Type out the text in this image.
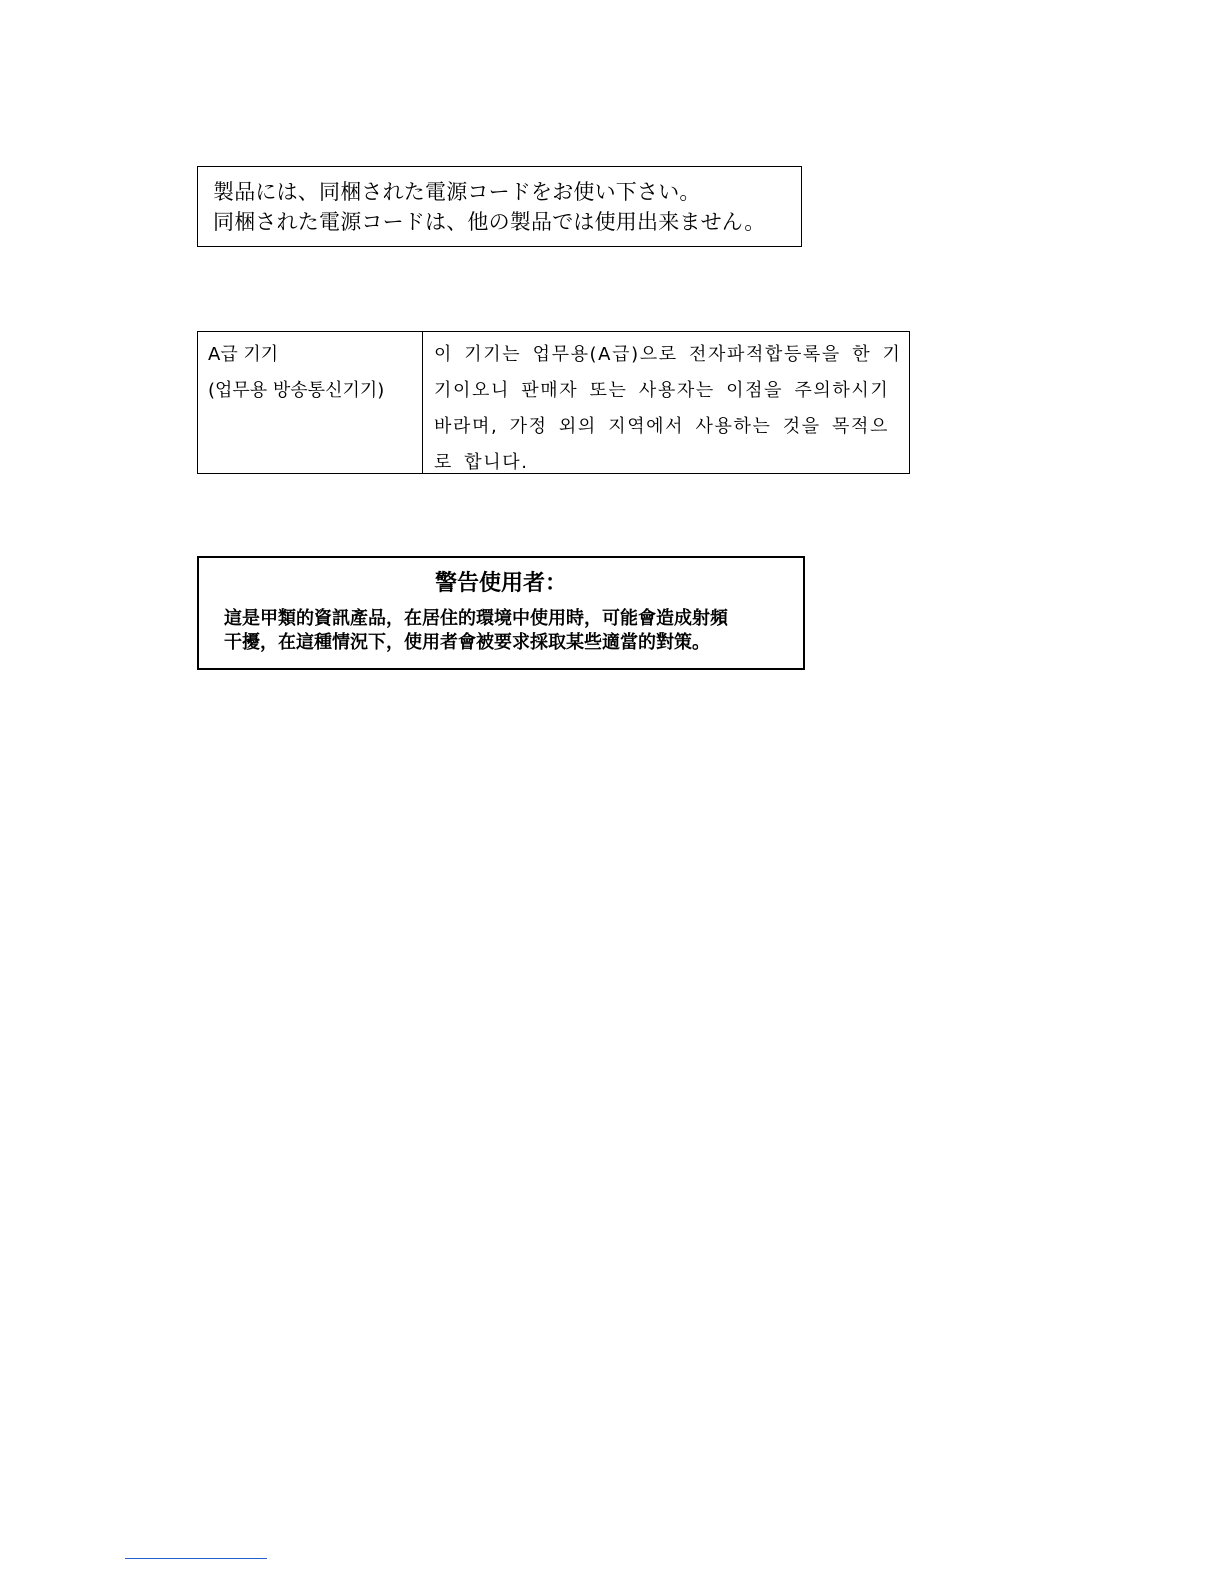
製品には、同梱された電源コードをお使い下さい。
同梱された電源コードは、他の製品では使用出来ません。
A급 기기
(업무용 방송통신기기)
이 기기는 업무용(A급)으로 전자파적합등록을 한 기
기이오니 판매자 또는 사용자는 이점을 주의하시기
바라며, 가정 외의 지역에서 사용하는 것을 목적으
로 합니다.
警告使用者：
這是甲類的資訊產品，在居住的環境中使用時，可能會造成射頻
干擾，在這種情況下，使用者會被要求採取某些適當的對策。
